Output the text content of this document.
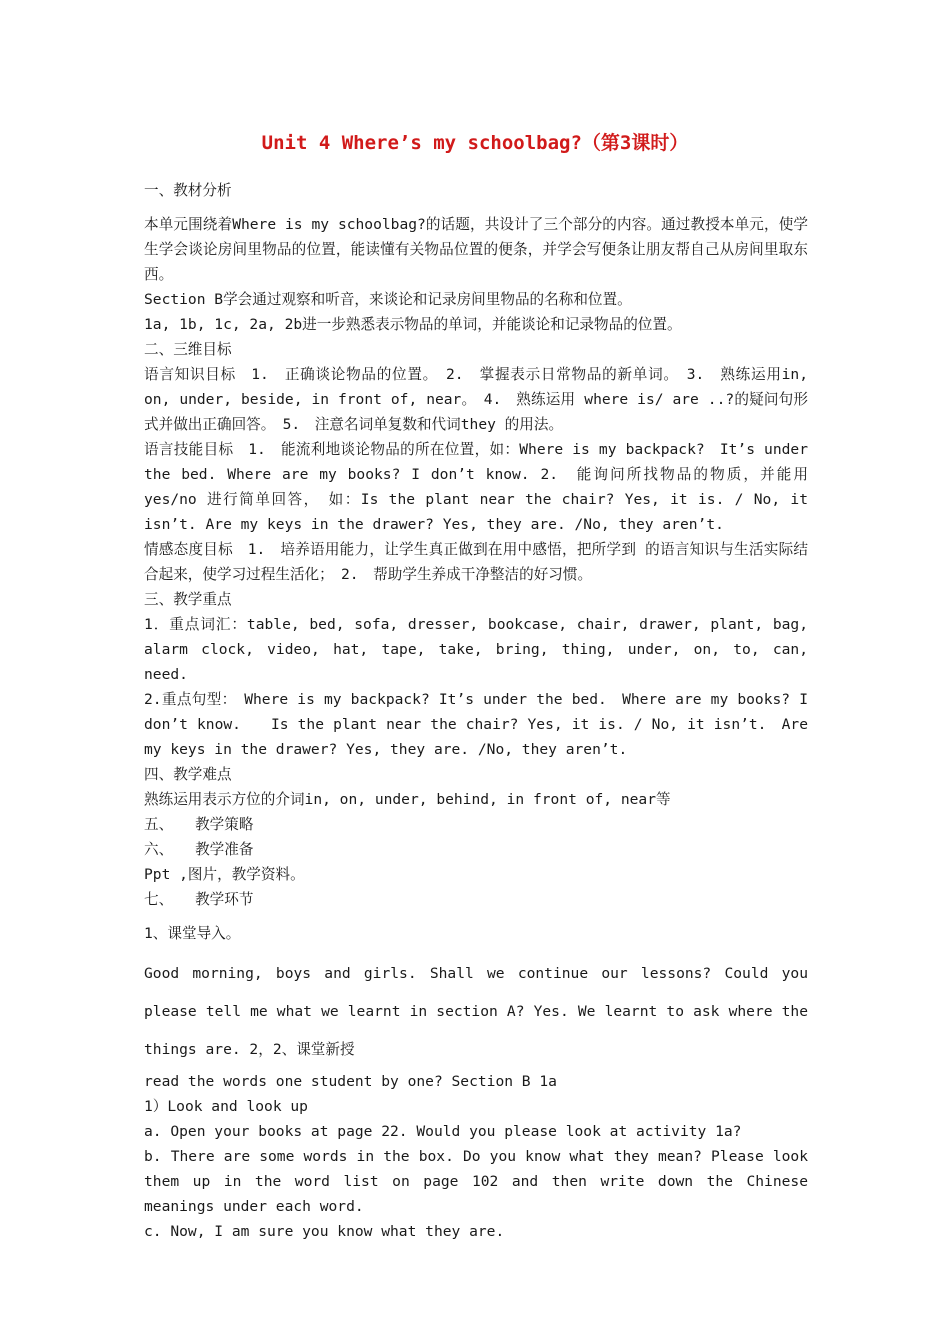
Unit 4 Where’s my schoolbag?（第3课时）

一、教材分析

本单元围绕着Where is my schoolbag?的话题，共设计了三个部分的内容。通过教授本单元，使学生学会谈论房间里物品的位置，能读懂有关物品位置的便条，并学会写便条让朋友帮自己从房间里取东西。

Section B学会通过观察和听音，来谈论和记录房间里物品的名称和位置。

1a, 1b, 1c, 2a, 2b进一步熟悉表示物品的单词，并能谈论和记录物品的位置。

二、三维目标

语言知识目标　1.　正确谈论物品的位置。　2.　掌握表示日常物品的新单词。　3.　熟练运用in, on, under, beside, in front of, near。　4.　熟练运用 where is/ are ..?的疑问句形式并做出正确回答。　5.　注意名词单复数和代词they 的用法。

语言技能目标　1.　能流利地谈论物品的所在位置，如：Where is my backpack?　It’s under the bed. Where are my books? I don’t know. 2.　能询问所找物品的物质，并能用yes/no 进行简单回答，　如：Is the plant near the chair? Yes, it is. / No, it isn’t. Are my keys in the drawer? Yes, they are. /No, they aren’t.

情感态度目标　1.　培养语用能力，让学生真正做到在用中感悟，把所学到 的语言知识与生活实际结合起来，使学习过程生活化；　2.　帮助学生养成干净整洁的好习惯。

三、教学重点

1．重点词汇：table, bed, sofa, dresser, bookcase, chair, drawer, plant, bag, alarm clock, video, hat, tape, take, bring, thing, under, on, to, can, need.

2.重点句型：　Where is my backpack? It’s under the bed.　Where are my books? I don’t know.　　Is the plant near the chair? Yes, it is. / No, it isn’t.　Are my keys in the drawer? Yes, they are. /No, they aren’t.

四、教学难点

熟练运用表示方位的介词in, on, under, behind, in front of, near等

五、　　教学策略

六、　　教学准备

Ppt ,图片，教学资料。

七、　　教学环节

1、课堂导入。

Good morning, boys and girls. Shall we continue our lessons? Could you please tell me what we learnt in section A? Yes. We learnt to ask where the things are. 2，2、课堂新授

read the words one student by one? Section B 1a

1）Look and look up

a. Open your books at page 22. Would you please look at activity 1a?

b. There are some words in the box. Do you know what they mean? Please look them up in the word list on page 102 and then write down the Chinese meanings under each word.

c. Now, I am sure you know what they are.
